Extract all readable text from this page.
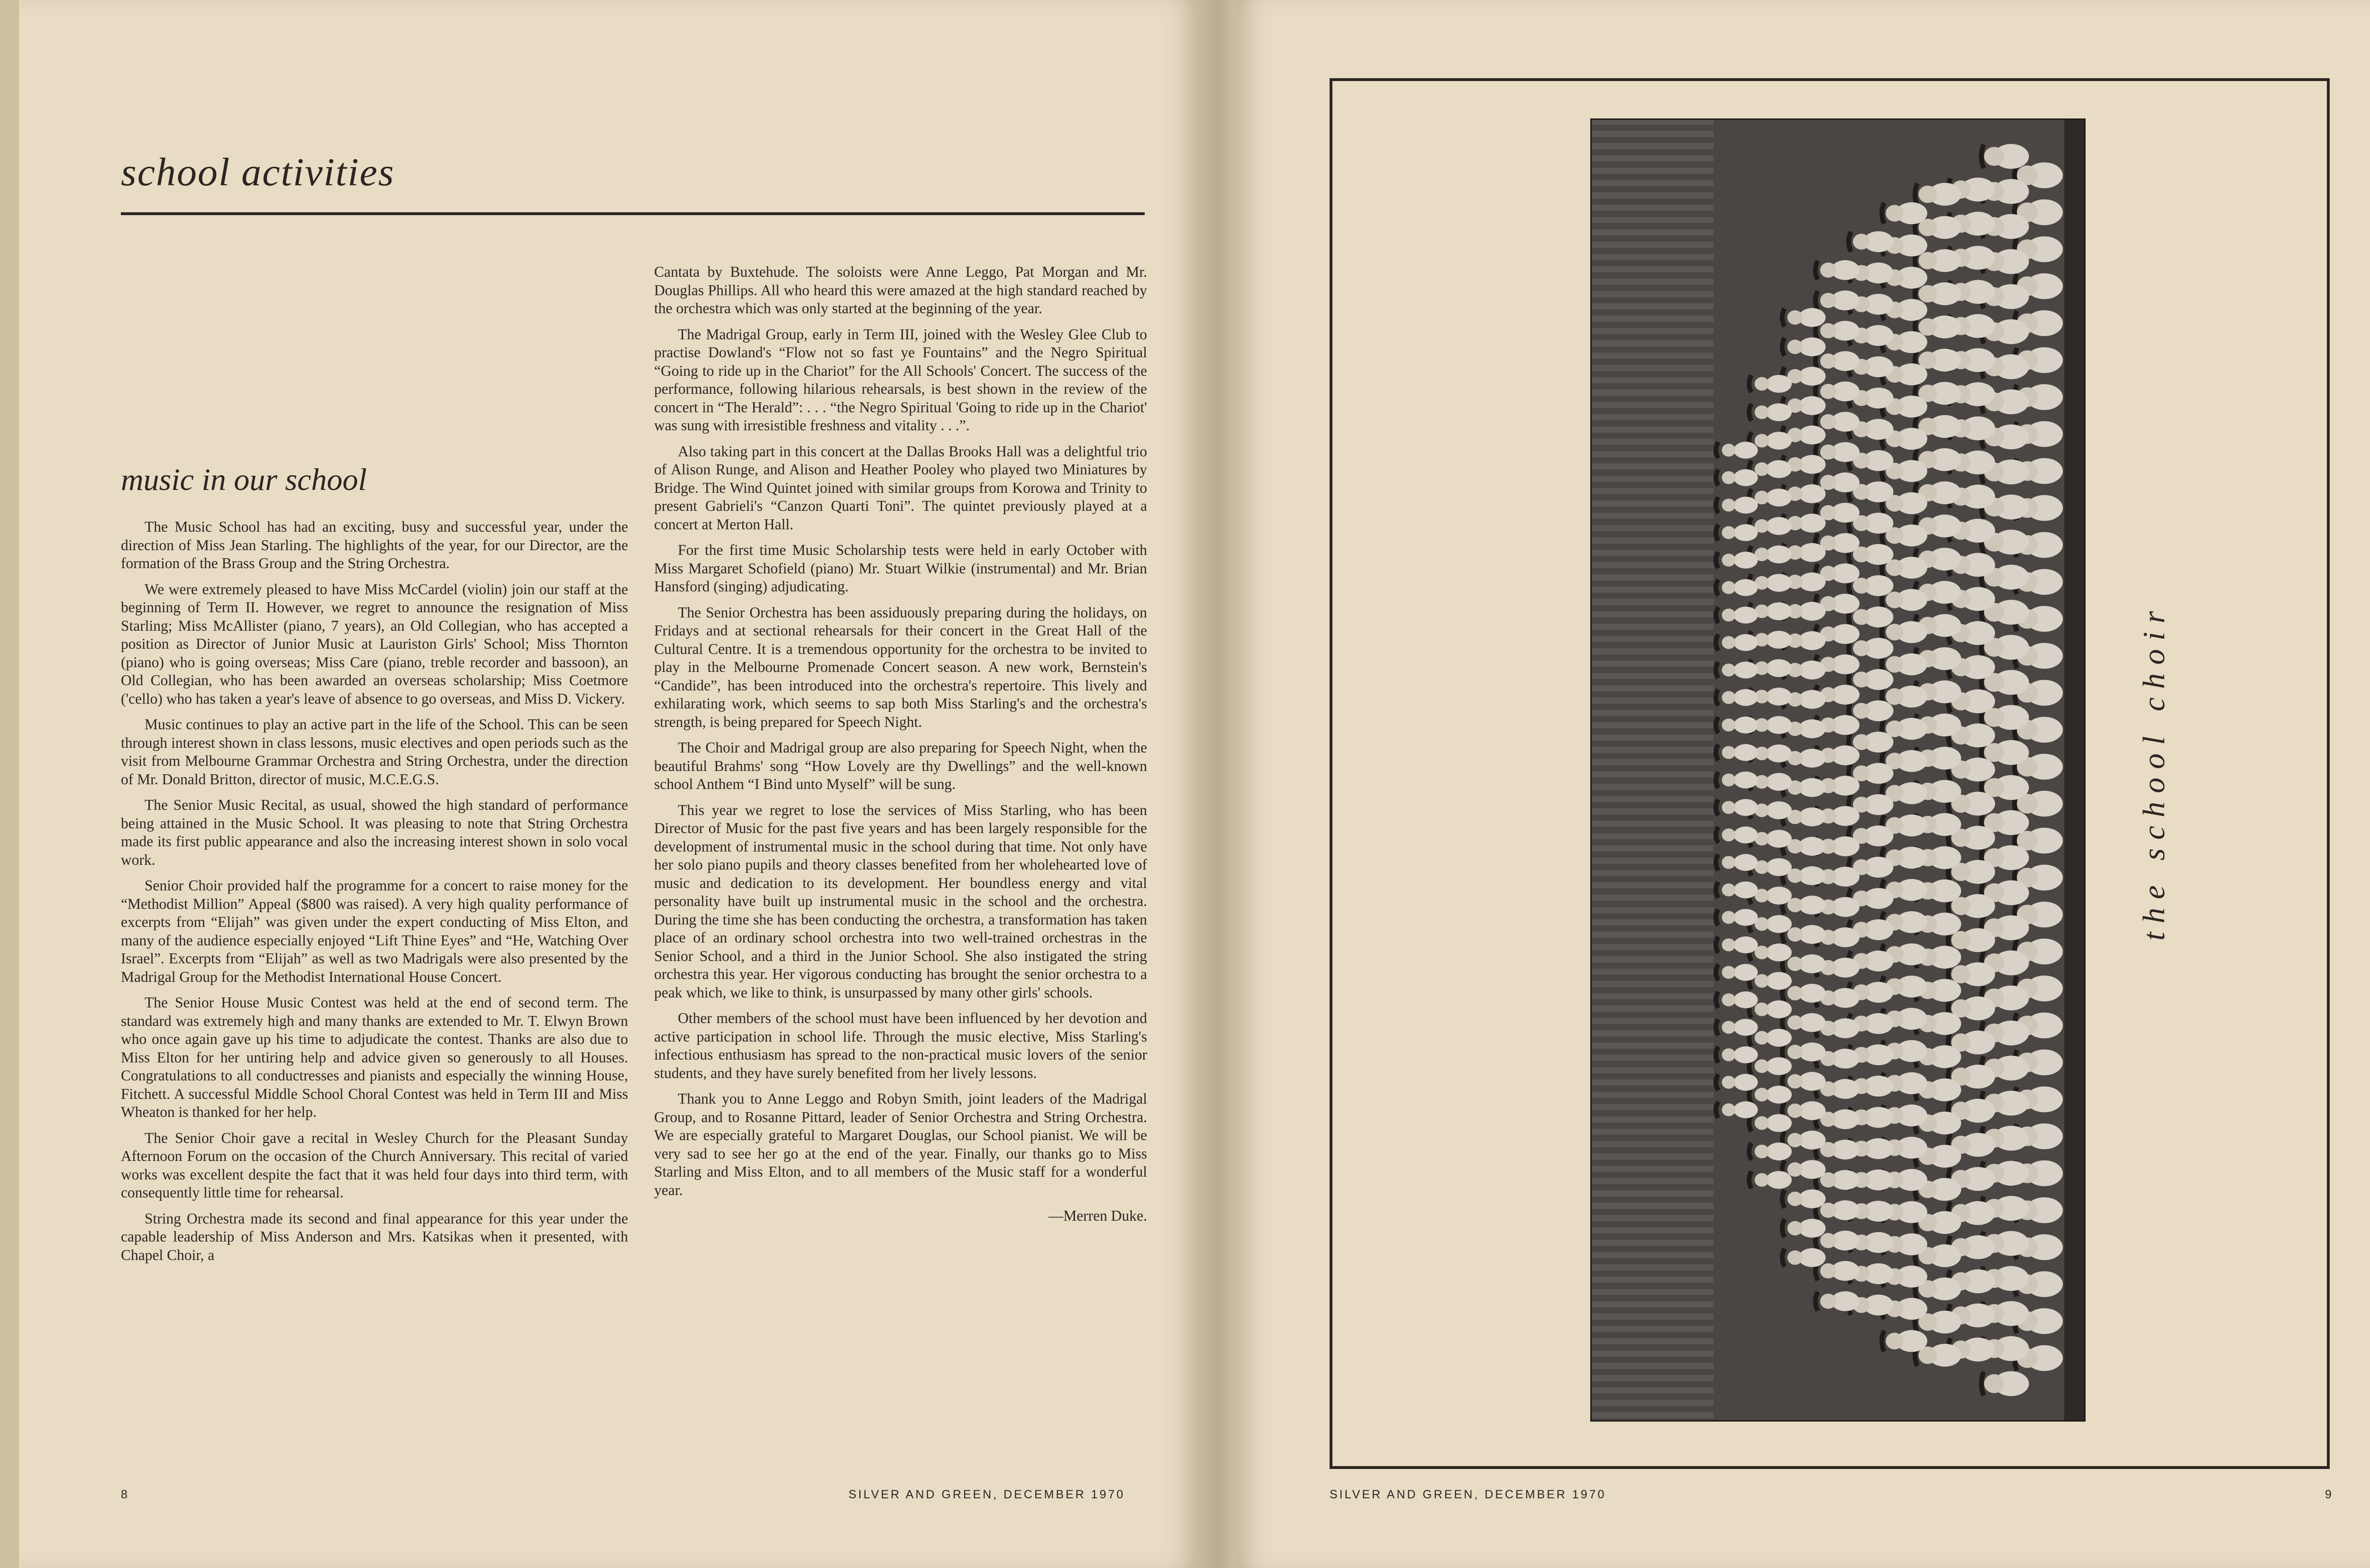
school activities
music in our school

The Music School has had an exciting, busy and successful year, under the direction of Miss Jean Starling. The highlights of the year, for our Director, are the formation of the Brass Group and the String Orchestra.

We were extremely pleased to have Miss McCardel (violin) join our staff at the beginning of Term II. However, we regret to announce the resignation of Miss Starling; Miss McAllister (piano, 7 years), an Old Collegian, who has accepted a position as Director of Junior Music at Lauriston Girls' School; Miss Thornton (piano) who is going overseas; Miss Care (piano, treble recorder and bassoon), an Old Collegian, who has been awarded an overseas scholarship; Miss Coetmore ('cello) who has taken a year's leave of absence to go overseas, and Miss D. Vickery.

Music continues to play an active part in the life of the School. This can be seen through interest shown in class lessons, music electives and open periods such as the visit from Melbourne Grammar Orchestra and String Orchestra, under the direction of Mr. Donald Britton, director of music, M.C.E.G.S.

The Senior Music Recital, as usual, showed the high standard of performance being attained in the Music School. It was pleasing to note that String Orchestra made its first public appearance and also the increasing interest shown in solo vocal work.

Senior Choir provided half the programme for a concert to raise money for the “Methodist Million” Appeal ($800 was raised). A very high quality performance of excerpts from “Elijah” was given under the expert conducting of Miss Elton, and many of the audience especially enjoyed “Lift Thine Eyes” and “He, Watching Over Israel”. Excerpts from “Elijah” as well as two Madrigals were also presented by the Madrigal Group for the Methodist International House Concert.

The Senior House Music Contest was held at the end of second term. The standard was extremely high and many thanks are extended to Mr. T. Elwyn Brown who once again gave up his time to adjudicate the contest. Thanks are also due to Miss Elton for her untiring help and advice given so generously to all Houses. Congratulations to all conductresses and pianists and especially the winning House, Fitchett. A successful Middle School Choral Contest was held in Term III and Miss Wheaton is thanked for her help.

The Senior Choir gave a recital in Wesley Church for the Pleasant Sunday Afternoon Forum on the occasion of the Church Anniversary. This recital of varied works was excellent despite the fact that it was held four days into third term, with consequently little time for rehearsal.

String Orchestra made its second and final appearance for this year under the capable leadership of Miss Anderson and Mrs. Katsikas when it presented, with Chapel Choir, a

Cantata by Buxtehude. The soloists were Anne Leggo, Pat Morgan and Mr. Douglas Phillips. All who heard this were amazed at the high standard reached by the orchestra which was only started at the beginning of the year.

The Madrigal Group, early in Term III, joined with the Wesley Glee Club to practise Dowland's “Flow not so fast ye Fountains” and the Negro Spiritual “Going to ride up in the Chariot” for the All Schools' Concert. The success of the performance, following hilarious rehearsals, is best shown in the review of the concert in “The Herald”: . . . “the Negro Spiritual 'Going to ride up in the Chariot' was sung with irresistible freshness and vitality . . .”.

Also taking part in this concert at the Dallas Brooks Hall was a delightful trio of Alison Runge, and Alison and Heather Pooley who played two Miniatures by Bridge. The Wind Quintet joined with similar groups from Korowa and Trinity to present Gabrieli's “Canzon Quarti Toni”. The quintet previously played at a concert at Merton Hall.

For the first time Music Scholarship tests were held in early October with Miss Margaret Schofield (piano) Mr. Stuart Wilkie (instrumental) and Mr. Brian Hansford (singing) adjudicating.

The Senior Orchestra has been assiduously preparing during the holidays, on Fridays and at sectional rehearsals for their concert in the Great Hall of the Cultural Centre. It is a tremendous opportunity for the orchestra to be invited to play in the Melbourne Promenade Concert season. A new work, Bernstein's “Candide”, has been introduced into the orchestra's repertoire. This lively and exhilarating work, which seems to sap both Miss Starling's and the orchestra's strength, is being prepared for Speech Night.

The Choir and Madrigal group are also preparing for Speech Night, when the beautiful Brahms' song “How Lovely are thy Dwellings” and the well-known school Anthem “I Bind unto Myself” will be sung.

This year we regret to lose the services of Miss Starling, who has been Director of Music for the past five years and has been largely responsible for the development of instrumental music in the school during that time. Not only have her solo piano pupils and theory classes benefited from her wholehearted love of music and dedication to its development. Her boundless energy and vital personality have built up instrumental music in the school and the orchestra. During the time she has been conducting the orchestra, a transformation has taken place of an ordinary school orchestra into two well-trained orchestras in the Senior School, and a third in the Junior School. She also instigated the string orchestra this year. Her vigorous conducting has brought the senior orchestra to a peak which, we like to think, is unsurpassed by many other girls' schools.

Other members of the school must have been influenced by her devotion and active participation in school life. Through the music elective, Miss Starling's infectious enthusiasm has spread to the non-practical music lovers of the senior students, and they have surely benefited from her lively lessons.

Thank you to Anne Leggo and Robyn Smith, joint leaders of the Madrigal Group, and to Rosanne Pittard, leader of Senior Orchestra and String Orchestra. We are especially grateful to Margaret Douglas, our School pianist. We will be very sad to see her go at the end of the year. Finally, our thanks go to Miss Starling and Miss Elton, and to all members of the Music staff for a wonderful year.

—Merren Duke.

8	SILVER AND GREEN, DECEMBER 1970
the school choir
SILVER AND GREEN, DECEMBER 1970	9
